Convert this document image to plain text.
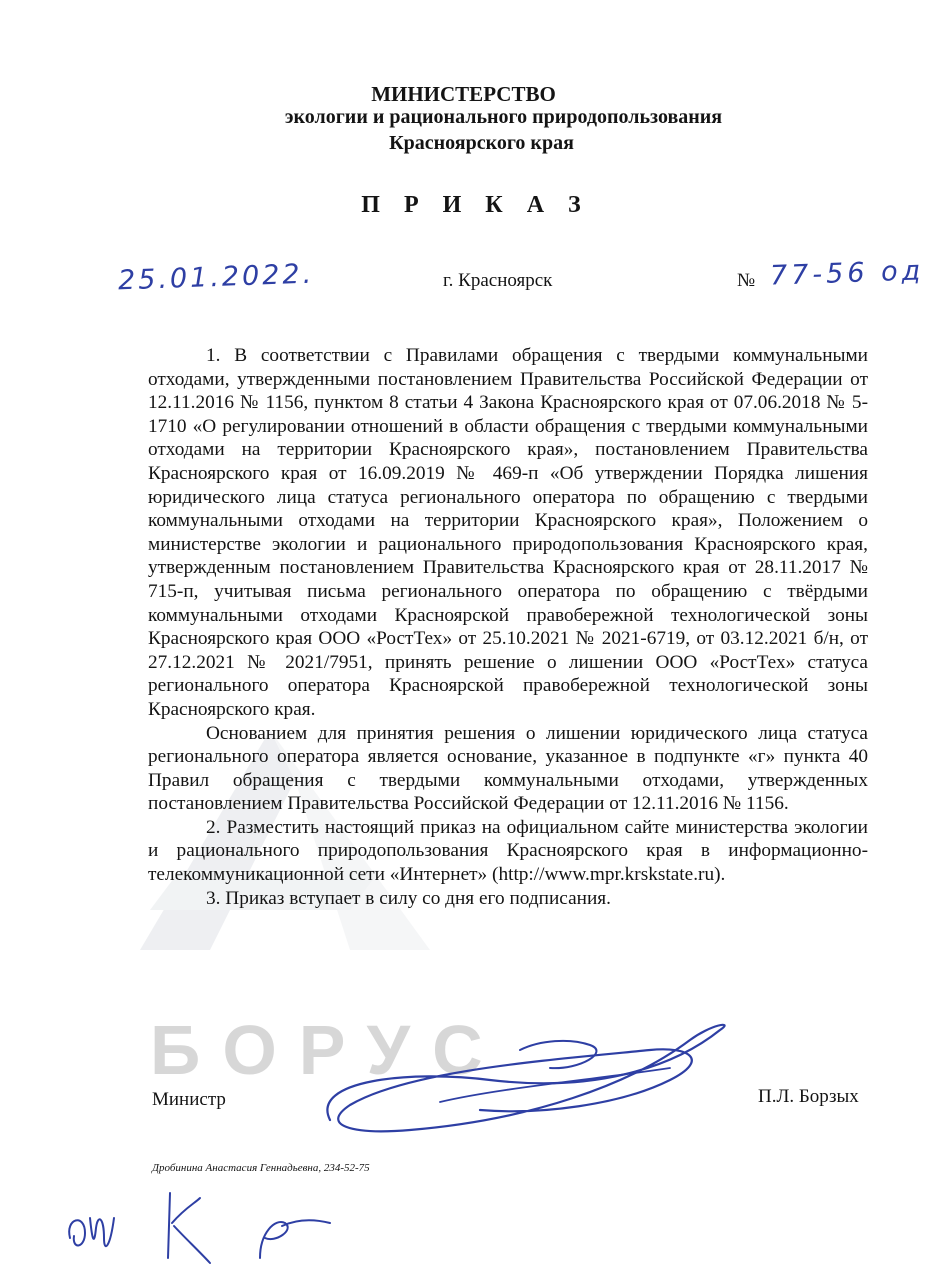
БОРУС
МИНИСТЕРСТВО
экологии и рационального природопользования
Красноярского края
П Р И К А З
25.01.2022.	г. Красноярск	№ 77-56 од

1. В соответствии с Правилами обращения с твердыми коммунальными отходами, утвержденными постановлением Правительства Российской Федерации от 12.11.2016 № 1156, пунктом 8 статьи 4 Закона Красноярского края от 07.06.2018 № 5-1710 «О регулировании отношений в области обращения с твердыми коммунальными отходами на территории Красноярского края», постановлением Правительства Красноярского края от 16.09.2019 № 469-п «Об утверждении Порядка лишения юридического лица статуса регионального оператора по обращению с твердыми коммунальными отходами на территории Красноярского края», Положением о министерстве экологии и рационального природопользования Красноярского края, утвержденным постановлением Правительства Красноярского края от 28.11.2017 № 715-п, учитывая письма регионального оператора по обращению с твёрдыми коммунальными отходами Красноярской правобережной технологической зоны Красноярского края ООО «РостТех» от 25.10.2021 № 2021-6719, от 03.12.2021 б/н, от 27.12.2021 № 2021/7951, принять решение о лишении ООО «РостТех» статуса регионального оператора Красноярской правобережной технологической зоны Красноярского края.

Основанием для принятия решения о лишении юридического лица статуса регионального оператора является основание, указанное в подпункте «г» пункта 40 Правил обращения с твердыми коммунальными отходами, утвержденных постановлением Правительства Российской Федерации от 12.11.2016 № 1156.

2. Разместить настоящий приказ на официальном сайте министерства экологии и рационального природопользования Красноярского края в информационно-телекоммуникационной сети «Интернет» (http://www.mpr.krskstate.ru).

3. Приказ вступает в силу со дня его подписания.

Министр	П.Л. Борзых
Дробинина Анастасия Геннадьевна, 234-52-75
